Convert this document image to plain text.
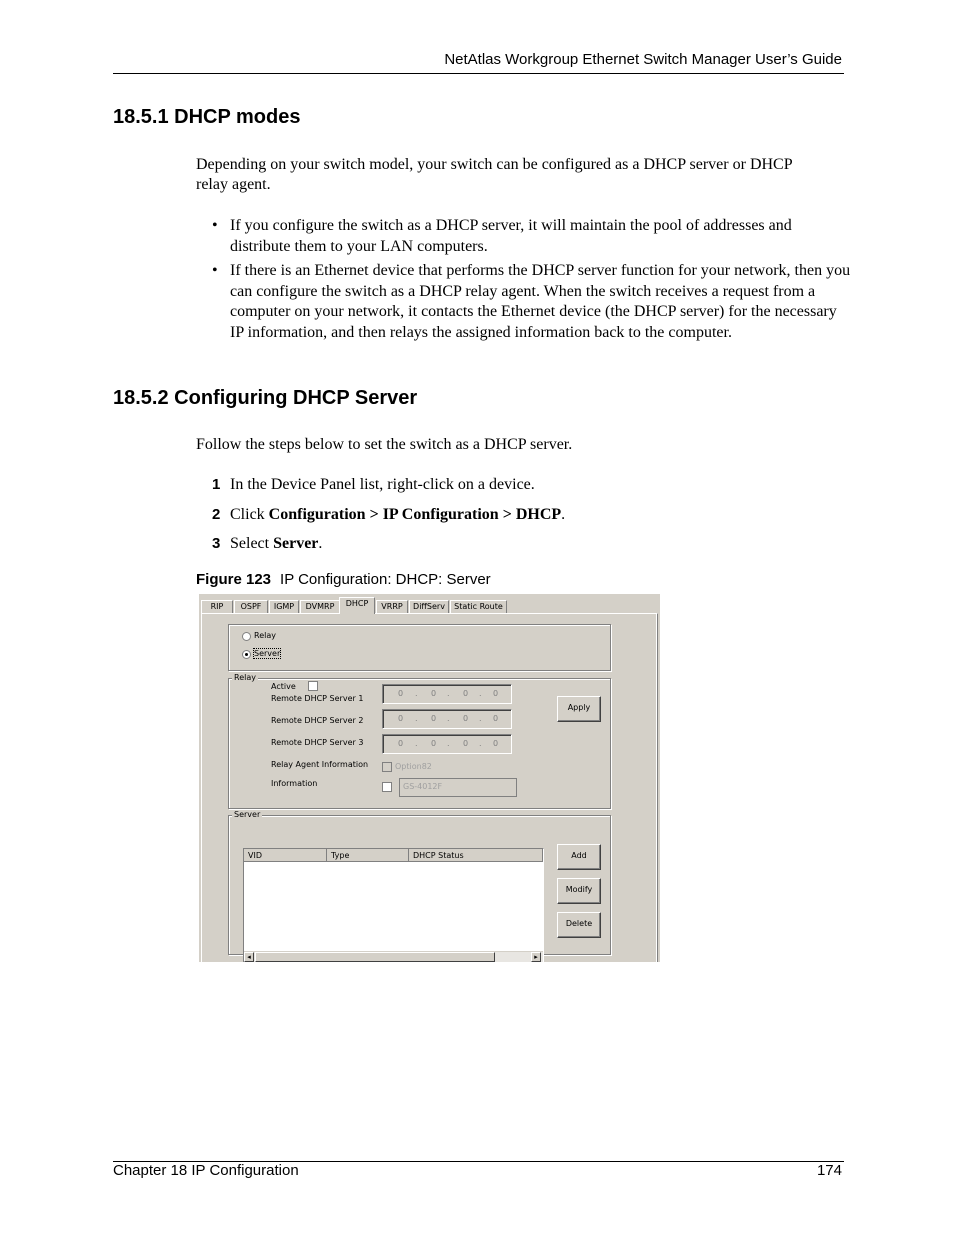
NetAtlas Workgroup Ethernet Switch Manager User’s Guide
18.5.1 DHCP modes
Depending on your switch model, your switch can be configured as a DHCP server or DHCP
relay agent.
• If you configure the switch as a DHCP server, it will maintain the pool of addresses and distribute them to your LAN computers.
• If there is an Ethernet device that performs the DHCP server function for your network, then you can configure the switch as a DHCP relay agent. When the switch receives a request from a computer on your network, it contacts the Ethernet device (the DHCP server) for the necessary IP information, and then relays the assigned information back to the computer.
18.5.2 Configuring DHCP Server
Follow the steps below to set the switch as a DHCP server.
1 In the Device Panel list, right-click on a device.
2 Click Configuration > IP Configuration > DHCP.
3 Select Server.
Figure 123 IP Configuration: DHCP: Server
RIP	OSPF	IGMP	DVMRP	DHCP	VRRP	DiffServ	Static Route
Relay
Server
Relay
Active
Remote DHCP Server 1
0 . 0 . 0 . 0
Remote DHCP Server 2	0 . 0 . 0 . 0
Remote DHCP Server 3	0 . 0 . 0 . 0
Relay Agent Information	Option82
Information	GS-4012F
Apply
Server
VID	Type	DHCP Status
◂	▸
Add
Modify
Delete
Chapter 18 IP Configuration	174
